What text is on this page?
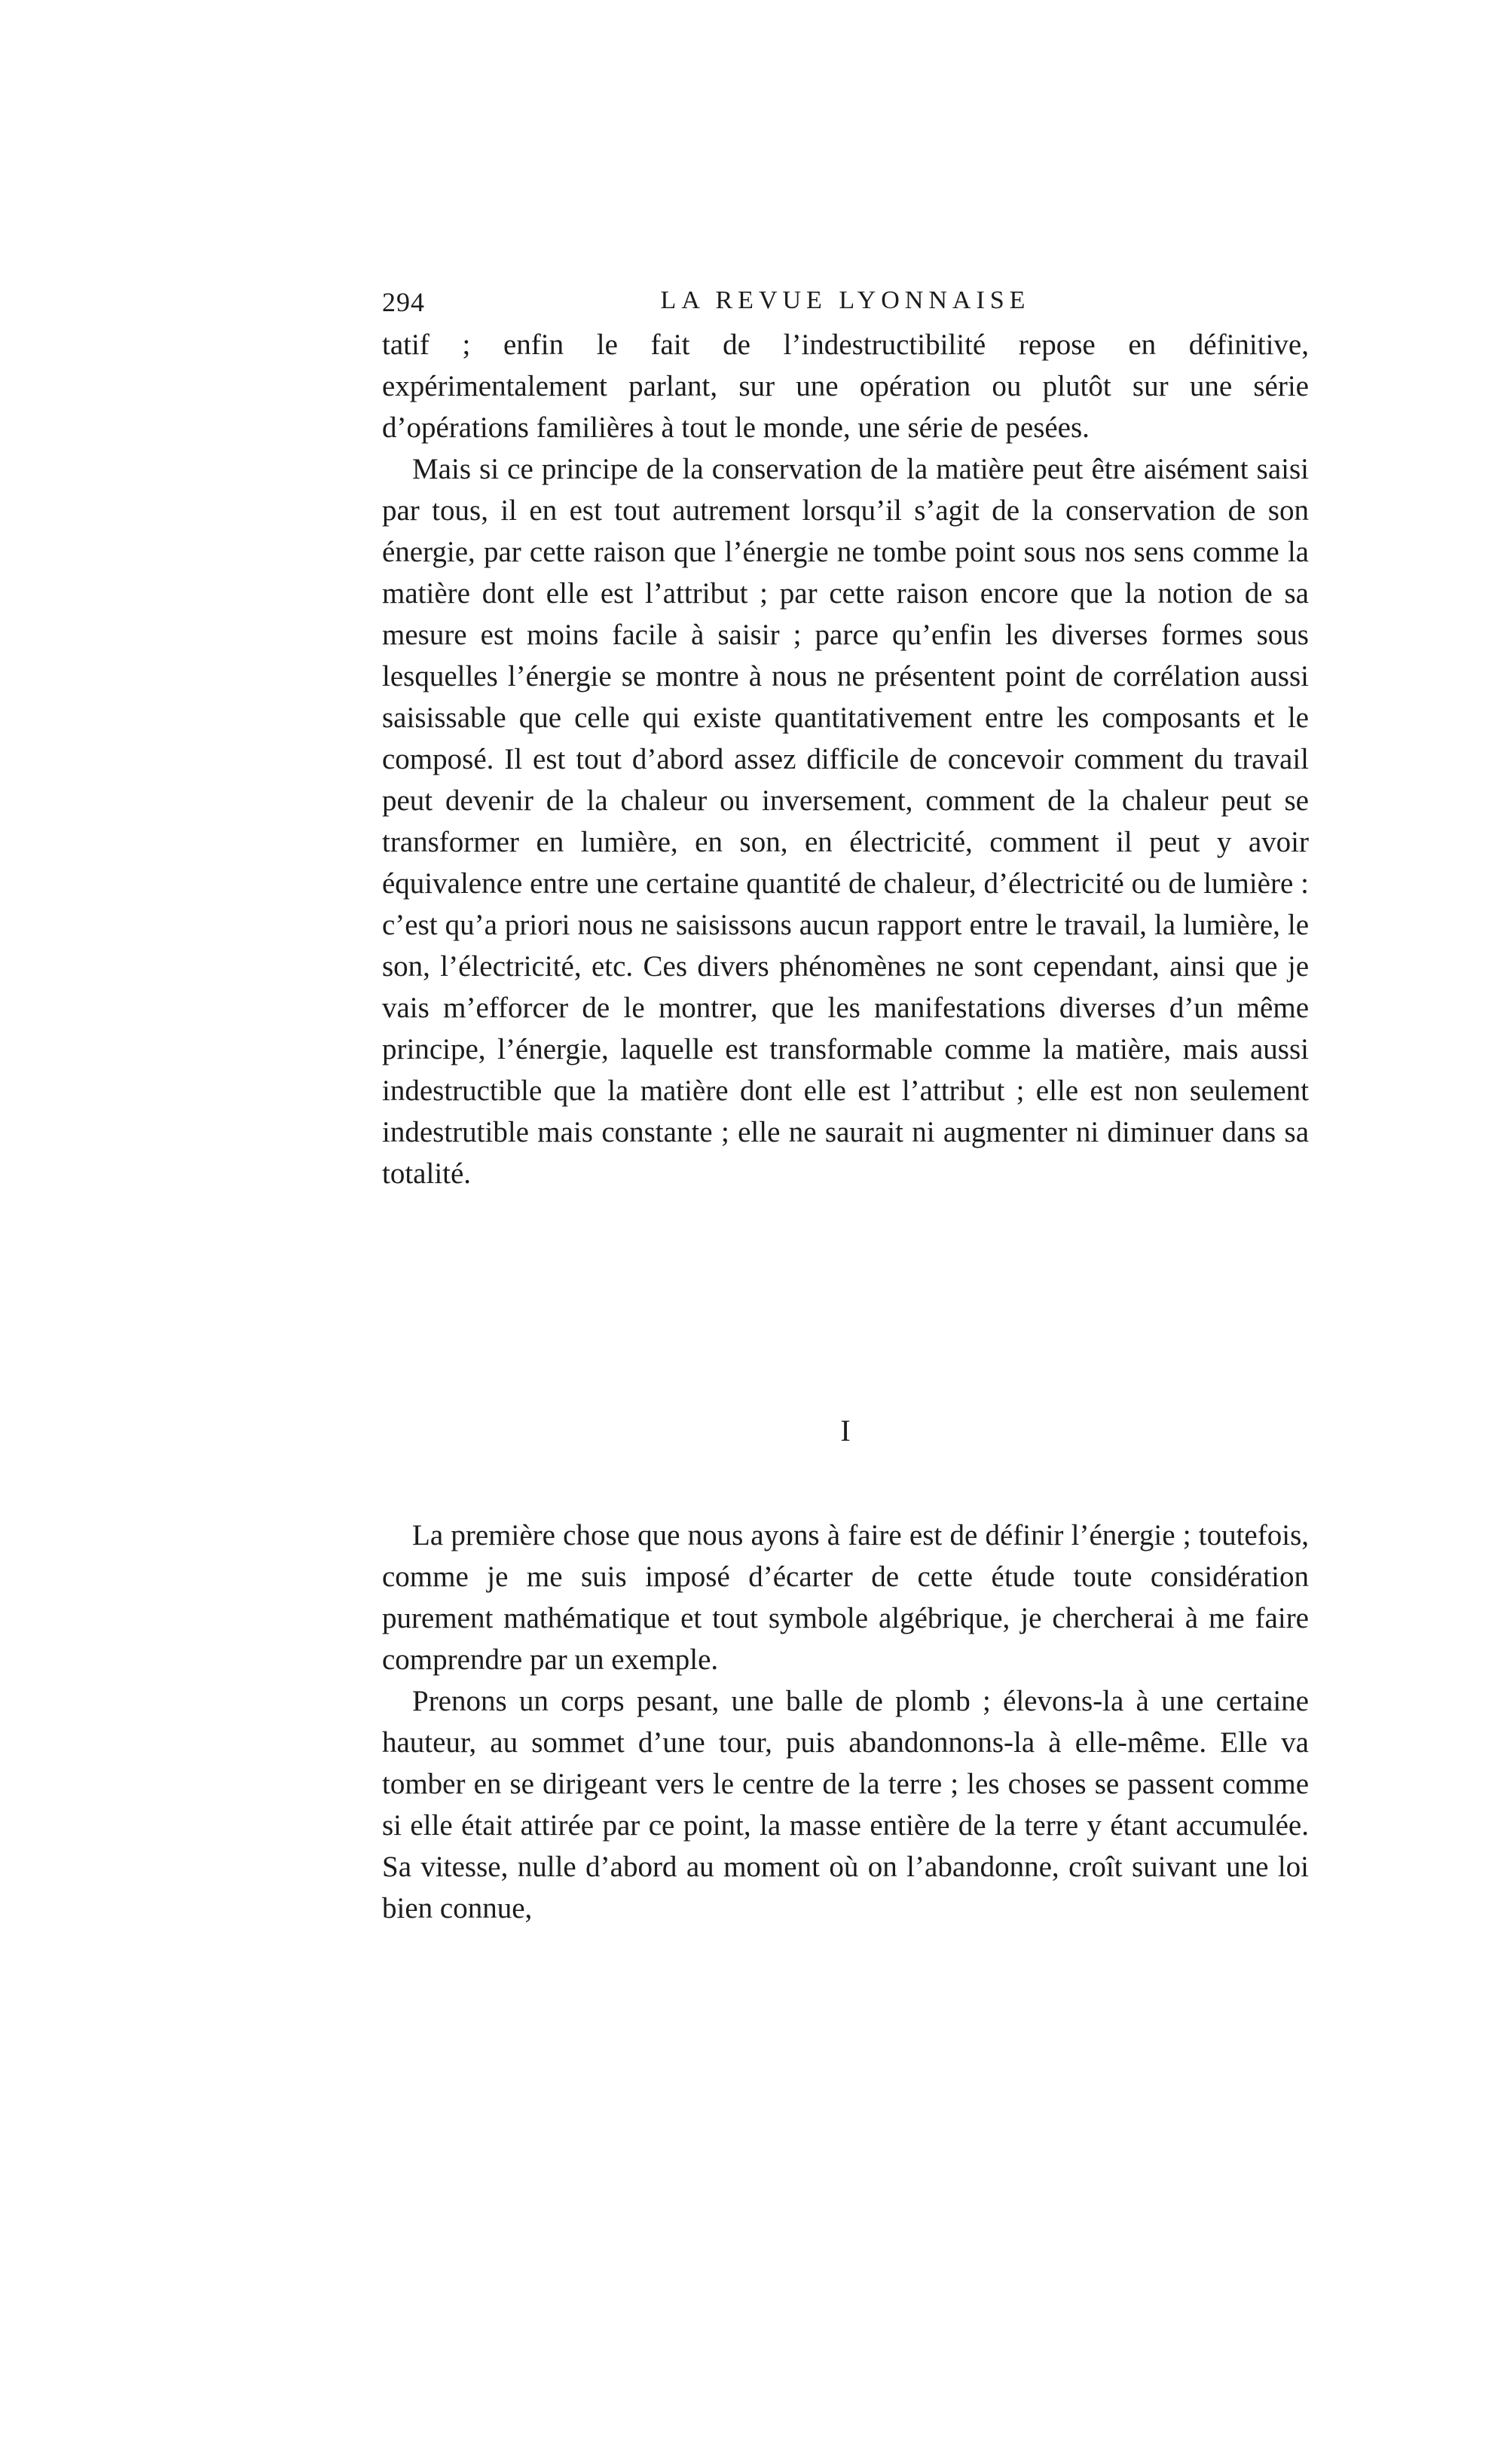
294	LA REVUE LYONNAISE

tatif ; enfin le fait de l’indestructibilité repose en définitive, expérimentalement parlant, sur une opération ou plutôt sur une série d’opérations familières à tout le monde, une série de pesées.

Mais si ce principe de la conservation de la matière peut être aisément saisi par tous, il en est tout autrement lorsqu’il s’agit de la conservation de son énergie, par cette raison que l’énergie ne tombe point sous nos sens comme la matière dont elle est l’attribut ; par cette raison encore que la notion de sa mesure est moins facile à saisir ; parce qu’enfin les diverses formes sous lesquelles l’énergie se montre à nous ne présentent point de corrélation aussi saisissable que celle qui existe quantitativement entre les composants et le composé. Il est tout d’abord assez difficile de concevoir comment du travail peut devenir de la chaleur ou inversement, comment de la chaleur peut se transformer en lumière, en son, en électricité, comment il peut y avoir équivalence entre une certaine quantité de chaleur, d’électricité ou de lumière : c’est qu’a priori nous ne saisissons aucun rapport entre le travail, la lumière, le son, l’électricité, etc. Ces divers phénomènes ne sont cependant, ainsi que je vais m’efforcer de le montrer, que les manifestations diverses d’un même principe, l’énergie, laquelle est transformable comme la matière, mais aussi indestructible que la matière dont elle est l’attribut ; elle est non seulement indestrutible mais constante ; elle ne saurait ni augmenter ni diminuer dans sa totalité.

I

La première chose que nous ayons à faire est de définir l’énergie ; toutefois, comme je me suis imposé d’écarter de cette étude toute considération purement mathématique et tout symbole algébrique, je chercherai à me faire comprendre par un exemple.

Prenons un corps pesant, une balle de plomb ; élevons-la à une certaine hauteur, au sommet d’une tour, puis abandonnons-la à elle-même. Elle va tomber en se dirigeant vers le centre de la terre ; les choses se passent comme si elle était attirée par ce point, la masse entière de la terre y étant accumulée. Sa vitesse, nulle d’abord au moment où on l’abandonne, croît suivant une loi bien connue,
